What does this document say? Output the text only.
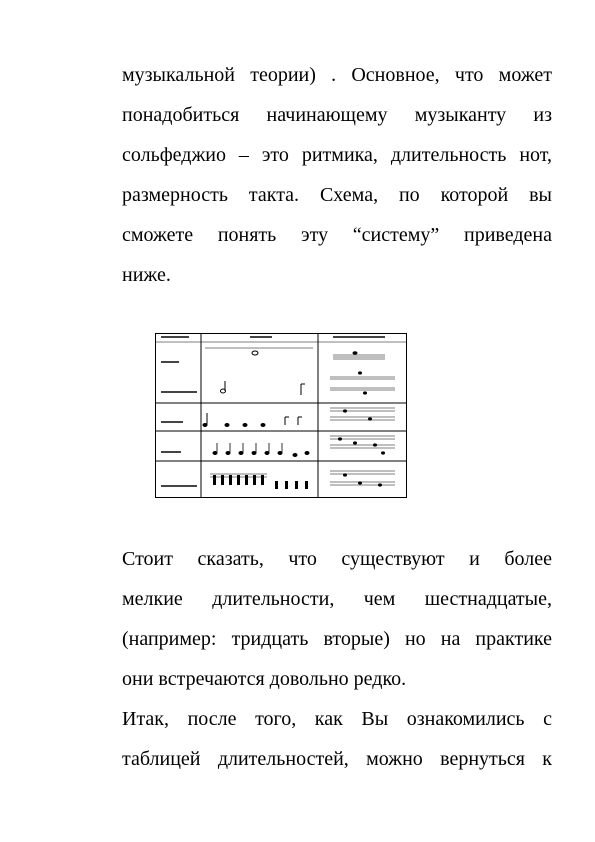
музыкальной теории) . Основное, что может
понадобиться начинающему музыканту из
сольфеджио – это ритмика, длительность нот,
размерность такта. Схема, по которой вы
сможете понять эту “систему” приведена
ниже.
Стоит сказать, что существуют и более
мелкие длительности, чем шестнадцатые,
(например: тридцать вторые) но на практике
они встречаются довольно редко.
Итак, после того, как Вы ознакомились с
таблицей длительностей, можно вернуться к
